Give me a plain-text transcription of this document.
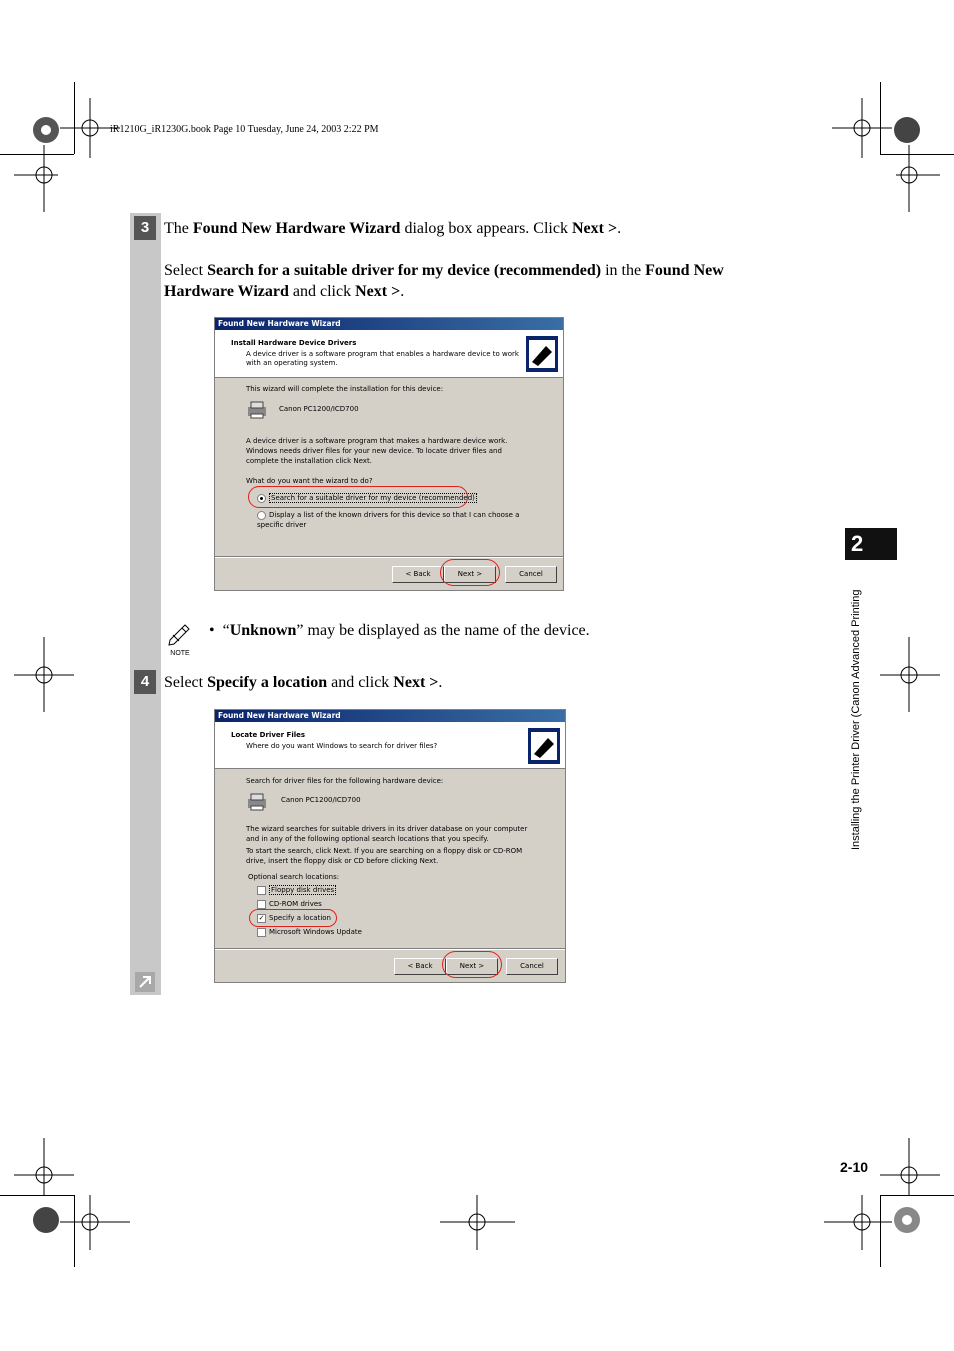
iR1210G_iR1230G.book Page 10 Tuesday, June 24, 2003 2:22 PM
3 The Found New Hardware Wizard dialog box appears. Click Next >.
Select Search for a suitable driver for my device (recommended) in the Found New Hardware Wizard and click Next >.
Found New Hardware Wizard
Install Hardware Device Drivers
A device driver is a software program that enables a hardware device to work with an operating system.
This wizard will complete the installation for this device:
Canon PC1200/ICD700
A device driver is a software program that makes a hardware device work. Windows needs driver files for your new device. To locate driver files and complete the installation click Next.
What do you want the wizard to do?
Search for a suitable driver for my device (recommended)
Display a list of the known drivers for this device so that I can choose a specific driver
< Back	Next >	Cancel
NOTE
• “Unknown” may be displayed as the name of the device.
4 Select Specify a location and click Next >.
Found New Hardware Wizard
Locate Driver Files
Where do you want Windows to search for driver files?
Search for driver files for the following hardware device:
Canon PC1200/ICD700
The wizard searches for suitable drivers in its driver database on your computer and in any of the following optional search locations that you specify.
To start the search, click Next. If you are searching on a floppy disk or CD-ROM drive, insert the floppy disk or CD before clicking Next.
Optional search locations:
Floppy disk drives
CD-ROM drives
✓ Specify a location
Microsoft Windows Update
< Back	Next >	Cancel
2
Installing the Printer Driver (Canon Advanced Printing
2-10
